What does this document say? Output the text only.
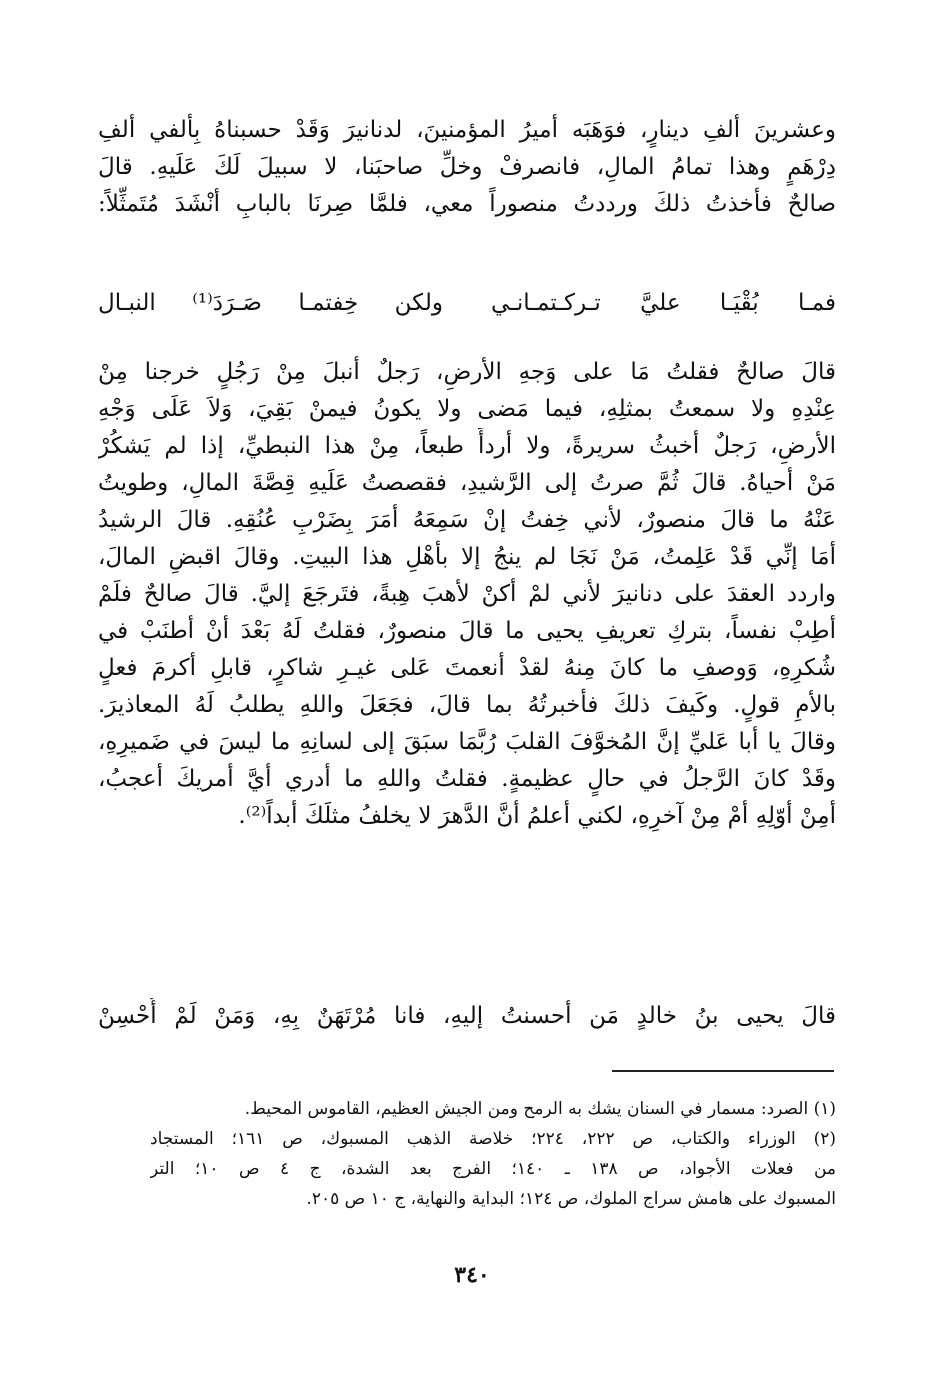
وعشرينَ ألفِ دينارٍ، فوَهَبَه أميرُ المؤمنينَ، لدنانيرَ وَقَدْ حسبناهُ بِألفي ألفِ
دِرْهَمٍ وهذا تمامُ المالِ، فانصرفْ وخلِّ صاحبَنا، لا سبيلَ لَكَ عَلَيهِ. قالَ
صالحٌ فأخذتُ ذلكَ ورددتُ منصوراً معي، فلمَّا صِرنَا بالبابِ أنْشَدَ مُتَمثِّلاً:
فمـا بُقْيَـا عليَّ تـركـتمـانـي
ولكن خِفتمـا صَـرَدَ⁽¹⁾ النبـال
قالَ صالحٌ فقلتُ مَا على وَجهِ الأرضِ، رَجلٌ أنبلَ مِنْ رَجُلٍ خرجنا مِنْ
عِنْدِهِ ولا سمعتُ بمثلِهِ، فيما مَضى ولا يكونُ فيمنْ بَقِيَ، وَلاَ عَلَى وَجْهِ
الأرضِ، رَجلٌ أخبثُ سريرةً، ولا أردأَ طبعاً، مِنْ هذا النبطيِّ، إذا لم يَشكُرْ
مَنْ أحياهُ. قالَ ثُمَّ صرتُ إلى الرَّشيدِ، فقصصتُ عَلَيهِ قِصَّةَ المالِ، وطويتُ
عَنْهُ ما قالَ منصورٌ، لأني خِفتُ إنْ سَمِعَهُ أمَرَ بِضَرْبِ عُنُقِهِ. قالَ الرشيدُ
أمَا إنِّي قَدْ عَلِمتُ، مَنْ نَجَا لم ينجُ إلا بأهْلِ هذا البيتِ. وقالَ اقبضِ المالَ،
واردد العقدَ على دنانيرَ لأني لمْ أكنْ لأهبَ هِبةً، فتَرجَعَ إليَّ. قالَ صالحٌ فلَمْ
أطِبْ نفساً، بتركِ تعريفِ يحيى ما قالَ منصورٌ، فقلتُ لَهُ بَعْدَ أنْ أطنَبْ في
شُكرِهِ، وَوصفِ ما كانَ مِنهُ لقدْ أنعمتَ عَلى غيـرِ شاكرٍ، قابلِ أكرمَ فعلٍ
بالأمِ قولٍ. وكَيفَ ذلكَ فأخبرتُهُ بما قالَ، فجَعَلَ واللهِ يطلبُ لَهُ المعاذيرَ.
وقالَ يا أبا عَليِّ إنَّ المُخوَّفَ القلبَ رُبَّمَا سبَقَ إلى لسانِهِ ما ليسَ في ضَميرِهِ،
وقَدْ كانَ الرَّجلُ في حالٍ عظيمةٍ. فقلتُ واللهِ ما أدري أيَّ أمريكَ أعجبُ،
أمِنْ أوّلِهِ أمْ مِنْ آخرِهِ، لكني أعلمُ أنَّ الدَّهرَ لا يخلفُ مثلَكَ أبداً⁽²⁾.
قالَ يحيى بنُ خالدٍ مَن أحسنتُ إليهِ، فانا مُرْتَهَنٌ بِهِ، وَمَنْ لَمْ أُحْسِنْ
(١) الصرد: مسمار في السنان يشك به الرمح ومن الجيش العظيم، القاموس المحيط.
(٢) الوزراء والكتاب، ص ٢٢٢، ٢٢٤؛ خلاصة الذهب المسبوك، ص ١٦١؛ المستجاد
من فعلات الأجواد، ص ١٣٨ ـ ١٤٠؛ الفرج بعد الشدة، ج ٤ ص ١٠؛ التر
المسبوك على هامش سراج الملوك، ص ١٢٤؛ البداية والنهاية، ج ١٠ ص ٢٠٥.
٣٤٠
